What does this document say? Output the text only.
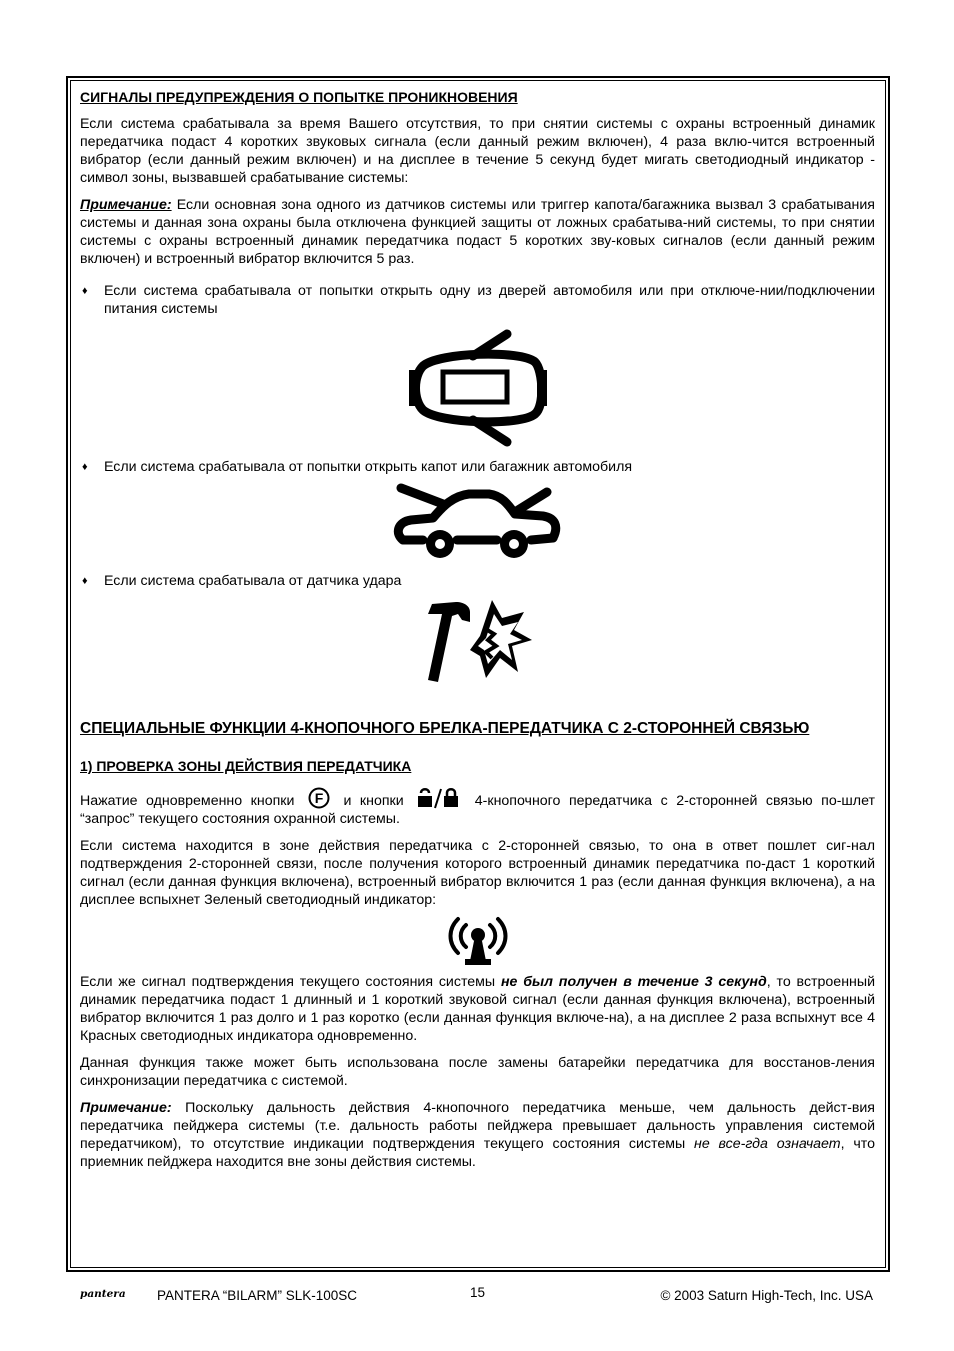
СИГНАЛЫ ПРЕДУПРЕЖДЕНИЯ О ПОПЫТКЕ ПРОНИКНОВЕНИЯ

Если система срабатывала за время Вашего отсутствия, то при снятии системы с охраны встроенный динамик передатчика подаст 4 коротких звуковых сигнала (если данный режим включен), 4 раза вклю-чится встроенный вибратор (если данный режим включен) и на дисплее в течение 5 секунд будет мигать светодиодный индикатор - символ зоны, вызвавшей срабатывание системы:

Примечание: Если основная зона одного из датчиков системы или триггер капота/багажника вызвал 3 срабатывания системы и данная зона охраны была отключена функцией защиты от ложных срабатыва-ний системы, то при снятии системы с охраны встроенный динамик передатчика подаст 5 коротких зву-ковых сигналов (если данный режим включен) и встроенный вибратор включится 5 раз.

♦	Если система срабатывала от попытки открыть одну из дверей автомобиля или при отключе-нии/подключении питания системы
♦	Если система срабатывала от попытки открыть капот или багажник автомобиля
♦	Если система срабатывала от датчика удара
СПЕЦИАЛЬНЫЕ ФУНКЦИИ 4-КНОПОЧНОГО БРЕЛКА-ПЕРЕДАТЧИКА С 2-СТОРОННЕЙ СВЯЗЬЮ
1) ПРОВЕРКА ЗОНЫ ДЕЙСТВИЯ ПЕРЕДАТЧИКА

Нажатие одновременно кнопки F и кнопки	4-кнопочного передатчика с 2-сторонней связью по-шлет “запрос” текущего состояния охранной системы.

Если система находится в зоне действия передатчика с 2-сторонней связью, то она в ответ пошлет сиг-нал подтверждения 2-сторонней связи, после получения которого встроенный динамик передатчика по-даст 1 короткий сигнал (если данная функция включена), встроенный вибратор включится 1 раз (если данная функция включена), а на дисплее вспыхнет Зеленый светодиодный индикатор:

Если же сигнал подтверждения текущего состояния системы не был получен в течение 3 секунд, то встроенный динамик передатчика подаст 1 длинный и 1 короткий звуковой сигнал (если данная функция включена), встроенный вибратор включится 1 раз долго и 1 раз коротко (если данная функция включе-на), а на дисплее 2 раза вспыхнут все 4 Красных светодиодных индикатора одновременно.

Данная функция также может быть использована после замены батарейки передатчика для восстанов-ления синхронизации передатчика с системой.

Примечание: Поскольку дальность действия 4-кнопочного передатчика меньше, чем дальность дейст-вия передатчика пейджера системы (т.е. дальность работы пейджера превышает дальность управления системой передатчиком), то отсутствие индикации подтверждения текущего состояния системы не все-гда означает, что приемник пейджера находится вне зоны действия системы.

pantera PANTERA “BILARM” SLK-100SC	15	© 2003 Saturn High-Tech, Inc. USA
